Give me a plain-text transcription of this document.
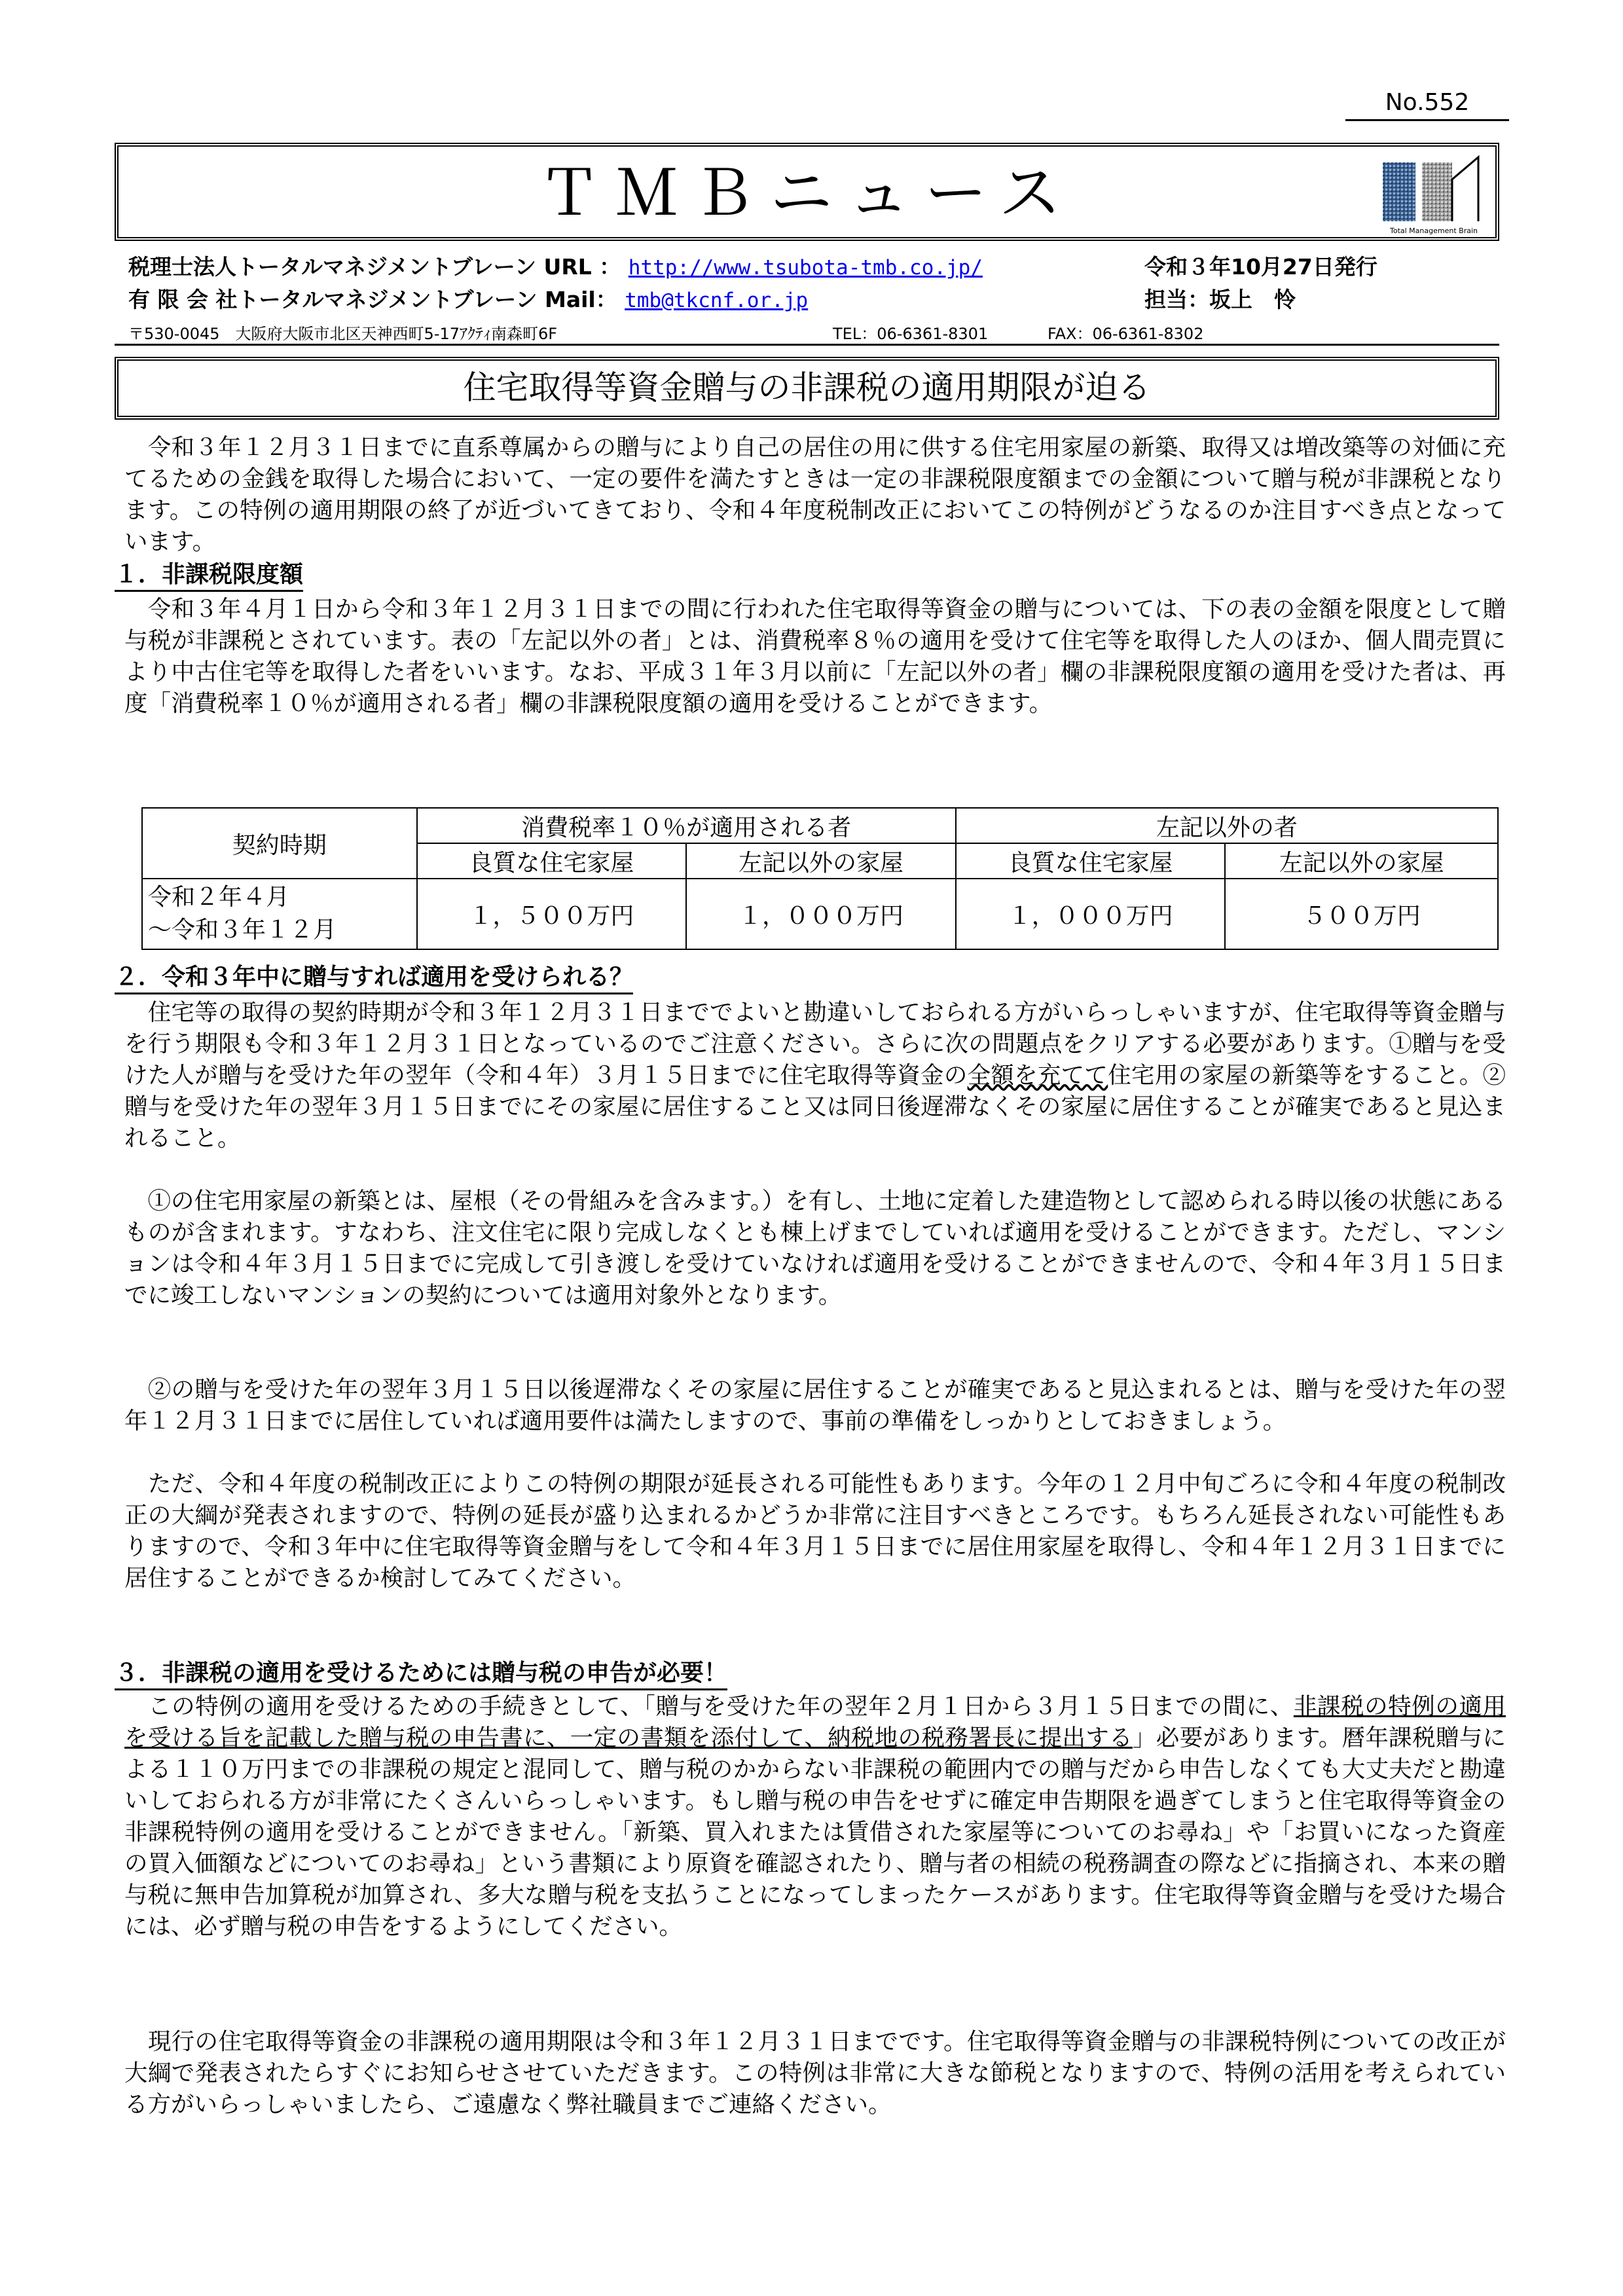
No.552
ＴＭＢニュース
Total Management Brain
税理士法人トータルマネジメントブレーン URL ： http://www.tsubota-tmb.co.jp/	令和３年10月27日発行
有 限 会 社トータルマネジメントブレーン Mail： tmb@tkcnf.or.jp	担当：坂上　怜
〒530-0045　大阪府大阪市北区天神西町5-17ｱｸﾃｨ南森町6F	TEL：06-6361-8301	FAX：06-6361-8302
住宅取得等資金贈与の非課税の適用期限が迫る
　令和３年１２月３１日までに直系尊属からの贈与により自己の居住の用に供する住宅用家屋の新築、取得又は増改築等の対価に充てるための金銭を取得した場合において、一定の要件を満たすときは一定の非課税限度額までの金額について贈与税が非課税となります。この特例の適用期限の終了が近づいてきており、令和４年度税制改正においてこの特例がどうなるのか注目すべき点となっています。
１．非課税限度額
　令和３年４月１日から令和３年１２月３１日までの間に行われた住宅取得等資金の贈与については、下の表の金額を限度として贈与税が非課税とされています。表の「左記以外の者」とは、消費税率８％の適用を受けて住宅等を取得した人のほか、個人間売買により中古住宅等を取得した者をいいます。なお、平成３１年３月以前に「左記以外の者」欄の非課税限度額の適用を受けた者は、再度「消費税率１０％が適用される者」欄の非課税限度額の適用を受けることができます。
契約時期	消費税率１０％が適用される者		左記以外の者	
	良質な住宅家屋	左記以外の家屋	良質な住宅家屋	左記以外の家屋

令和２年４月
～令和３年１２月	１，５００万円	１，０００万円	１，０００万円	５００万円
２．令和３年中に贈与すれば適用を受けられる？
　住宅等の取得の契約時期が令和３年１２月３１日まででよいと勘違いしておられる方がいらっしゃいますが、住宅取得等資金贈与を行う期限も令和３年１２月３１日となっているのでご注意ください。さらに次の問題点をクリアする必要があります。①贈与を受けた人が贈与を受けた年の翌年（令和４年）３月１５日までに住宅取得等資金の全額を充てて住宅用の家屋の新築等をすること。②贈与を受けた年の翌年３月１５日までにその家屋に居住すること又は同日後遅滞なくその家屋に居住することが確実であると見込まれること。
　①の住宅用家屋の新築とは、屋根（その骨組みを含みます。）を有し、土地に定着した建造物として認められる時以後の状態にあるものが含まれます。すなわち、注文住宅に限り完成しなくとも棟上げまでしていれば適用を受けることができます。ただし、マンションは令和４年３月１５日までに完成して引き渡しを受けていなければ適用を受けることができませんので、令和４年３月１５日までに竣工しないマンションの契約については適用対象外となります。
　②の贈与を受けた年の翌年３月１５日以後遅滞なくその家屋に居住することが確実であると見込まれるとは、贈与を受けた年の翌年１２月３１日までに居住していれば適用要件は満たしますので、事前の準備をしっかりとしておきましょう。
　ただ、令和４年度の税制改正によりこの特例の期限が延長される可能性もあります。今年の１２月中旬ごろに令和４年度の税制改正の大綱が発表されますので、特例の延長が盛り込まれるかどうか非常に注目すべきところです。もちろん延長されない可能性もありますので、令和３年中に住宅取得等資金贈与をして令和４年３月１５日までに居住用家屋を取得し、令和４年１２月３１日までに居住することができるか検討してみてください。
３．非課税の適用を受けるためには贈与税の申告が必要！
　この特例の適用を受けるための手続きとして、「贈与を受けた年の翌年２月１日から３月１５日までの間に、非課税の特例の適用を受ける旨を記載した贈与税の申告書に、一定の書類を添付して、納税地の税務署長に提出する」必要があります。暦年課税贈与による１１０万円までの非課税の規定と混同して、贈与税のかからない非課税の範囲内での贈与だから申告しなくても大丈夫だと勘違いしておられる方が非常にたくさんいらっしゃいます。もし贈与税の申告をせずに確定申告期限を過ぎてしまうと住宅取得等資金の非課税特例の適用を受けることができません。「新築、買入れまたは賃借された家屋等についてのお尋ね」や「お買いになった資産の買入価額などについてのお尋ね」という書類により原資を確認されたり、贈与者の相続の税務調査の際などに指摘され、本来の贈与税に無申告加算税が加算され、多大な贈与税を支払うことになってしまったケースがあります。住宅取得等資金贈与を受けた場合には、必ず贈与税の申告をするようにしてください。
　現行の住宅取得等資金の非課税の適用期限は令和３年１２月３１日までです。住宅取得等資金贈与の非課税特例についての改正が大綱で発表されたらすぐにお知らせさせていただきます。この特例は非常に大きな節税となりますので、特例の活用を考えられている方がいらっしゃいましたら、ご遠慮なく弊社職員までご連絡ください。
